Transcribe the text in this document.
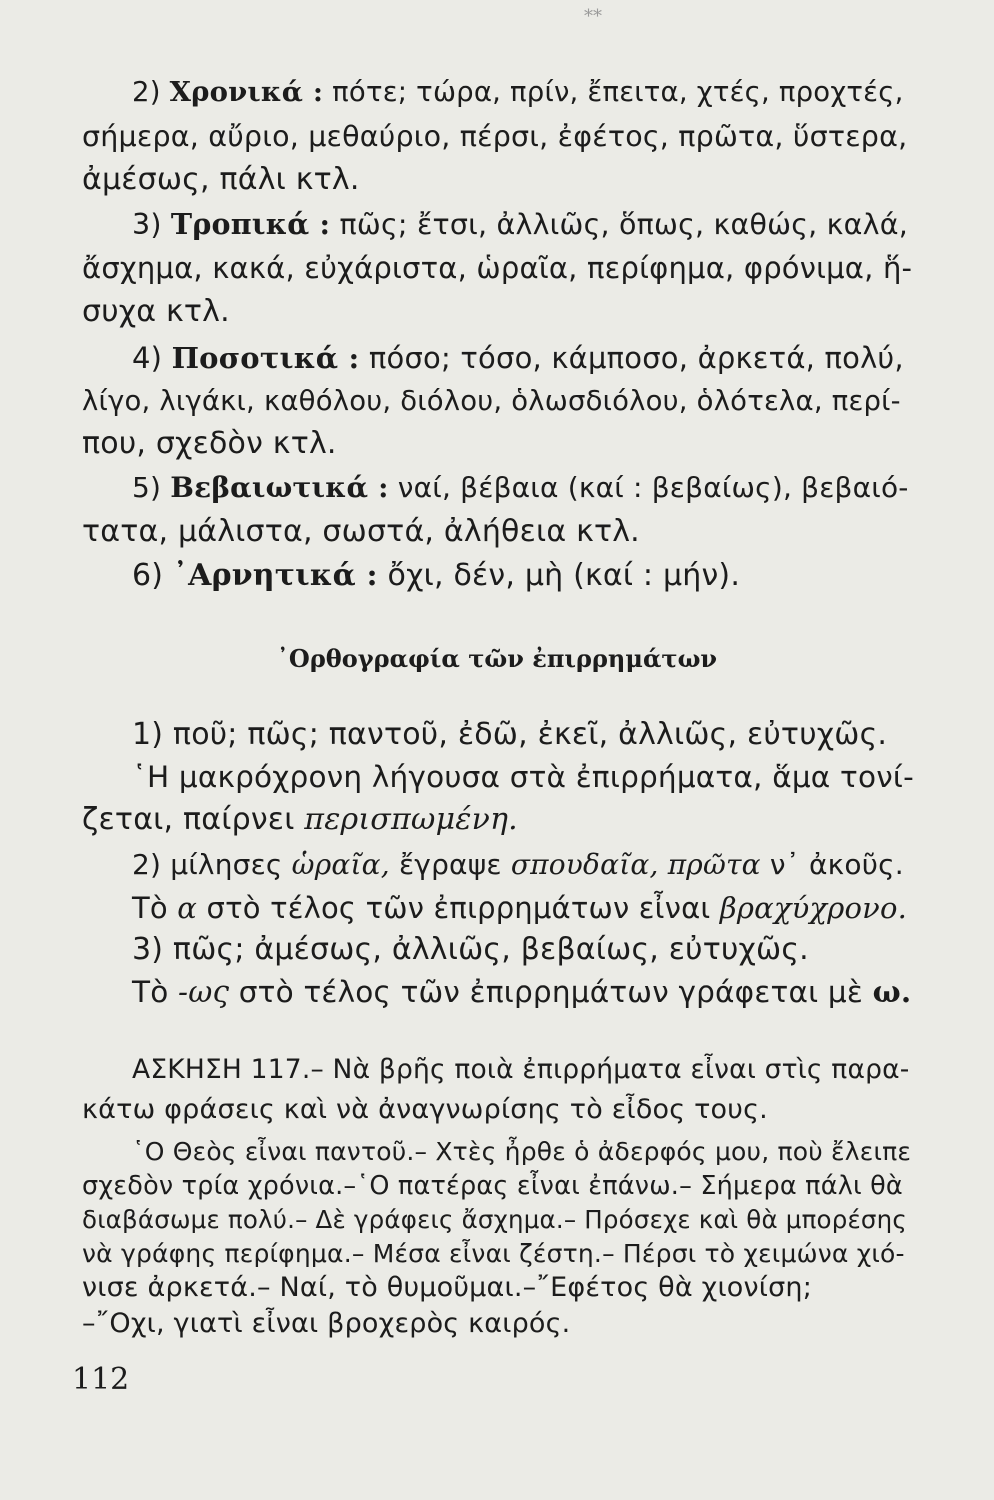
**
2) Χρονικά : πότε; τώρα, πρίν, ἔπειτα, χτές, προχτές,
σήμερα, αὔριο, μεθαύριο, πέρσι, ἐφέτος, πρῶτα, ὕστερα,
ἀμέσως, πάλι κτλ.
3) Τροπικά : πῶς; ἔτσι, ἀλλιῶς, ὅπως, καθώς, καλά,
ἄσχημα, κακά, εὐχάριστα, ὡραῖα, περίφημα, φρόνιμα, ἥ-
συχα κτλ.
4) Ποσοτικά : πόσο; τόσο, κάμποσο, ἀρκετά, πολύ,
λίγο, λιγάκι, καθόλου, διόλου, ὁλωσδιόλου, ὁλότελα, περί-
που, σχεδὸν κτλ.
5) Βεβαιωτικά : ναί, βέβαια (καί : βεβαίως), βεβαιό-
τατα, μάλιστα, σωστά, ἀλήθεια κτλ.
6) ᾿Αρνητικά : ὄχι, δέν, μὴ (καί : μήν).
᾿Ορθογραφία τῶν ἐπιρρημάτων
1) ποῦ; πῶς; παντοῦ, ἐδῶ, ἐκεῖ, ἀλλιῶς, εὐτυχῶς.
῾Η μακρόχρονη λήγουσα στὰ ἐπιρρήματα, ἅμα τονί-
ζεται, παίρνει περισπωμένη.
2) μίλησες ὡραῖα, ἔγραψε σπουδαῖα, πρῶτα ν᾿ ἀκοῦς.
Τὸ α στὸ τέλος τῶν ἐπιρρημάτων εἶναι βραχύχρονο.
3) πῶς; ἀμέσως, ἀλλιῶς, βεβαίως, εὐτυχῶς.
Τὸ -ως στὸ τέλος τῶν ἐπιρρημάτων γράφεται μὲ ω.
ΑΣΚΗΣΗ 117.– Νὰ βρῆς ποιὰ ἐπιρρήματα εἶναι στὶς παρα-
κάτω φράσεις καὶ νὰ ἀναγνωρίσης τὸ εἶδος τους.
῾Ο Θεὸς εἶναι παντοῦ.– Χτὲς ἦρθε ὁ ἀδερφός μου, ποὺ ἔλειπε
σχεδὸν τρία χρόνια.–῾Ο πατέρας εἶναι ἐπάνω.– Σήμερα πάλι θὰ
διαβάσωμε πολύ.– Δὲ γράφεις ἄσχημα.– Πρόσεχε καὶ θὰ μπορέσης
νὰ γράφης περίφημα.– Μέσα εἶναι ζέστη.– Πέρσι τὸ χειμώνα χιό-
νισε ἀρκετά.– Ναί, τὸ θυμοῦμαι.–῎Εφέτος θὰ χιονίση;
–῎Οχι, γιατὶ εἶναι βροχερὸς καιρός.
112
